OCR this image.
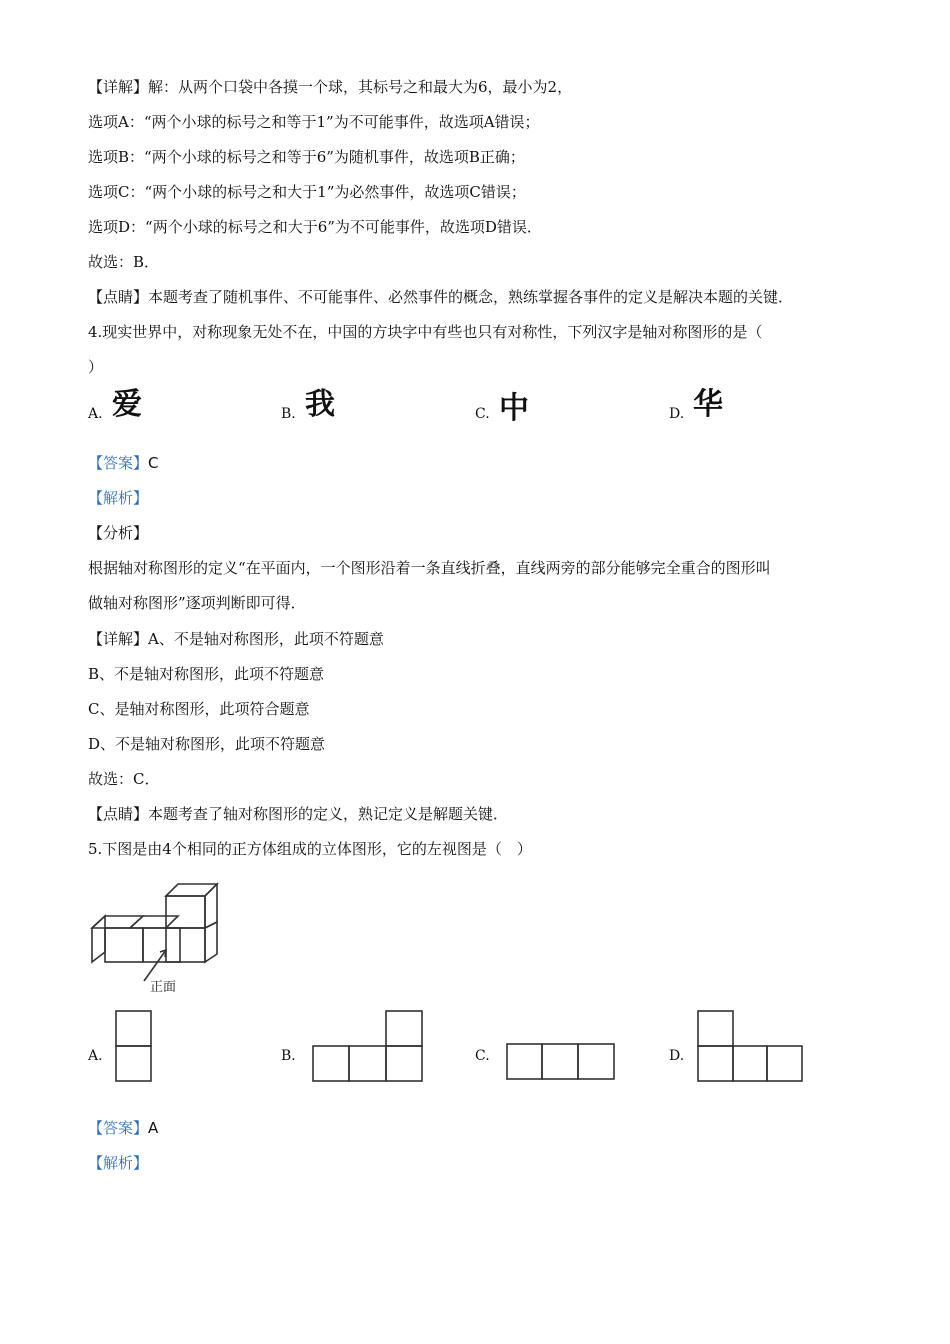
【详解】解：从两个口袋中各摸一个球，其标号之和最大为6，最小为2，
选项A：“两个小球的标号之和等于1”为不可能事件，故选项A错误；
选项B：“两个小球的标号之和等于6”为随机事件，故选项B正确；
选项C：“两个小球的标号之和大于1”为必然事件，故选项C错误；
选项D：“两个小球的标号之和大于6”为不可能事件，故选项D错误．
故选：B．
【点睛】本题考查了随机事件、不可能事件、必然事件的概念，熟练掌握各事件的定义是解决本题的关键．
4.现实世界中，对称现象无处不在，中国的方块字中有些也只有对称性，下列汉字是轴对称图形的是（
）
A. 爱	B. 我	C. 中	D. 华
【答案】C
【解析】
【分析】
根据轴对称图形的定义“在平面内，一个图形沿着一条直线折叠，直线两旁的部分能够完全重合的图形叫
做轴对称图形”逐项判断即可得．
【详解】A、不是轴对称图形，此项不符题意
B、不是轴对称图形，此项不符题意
C、是轴对称图形，此项符合题意
D、不是轴对称图形，此项不符题意
故选：C．
【点睛】本题考查了轴对称图形的定义，熟记定义是解题关键．
5.下图是由4个相同的正方体组成的立体图形，它的左视图是（　）
正面
A.	B.	C.	D.
【答案】A
【解析】
